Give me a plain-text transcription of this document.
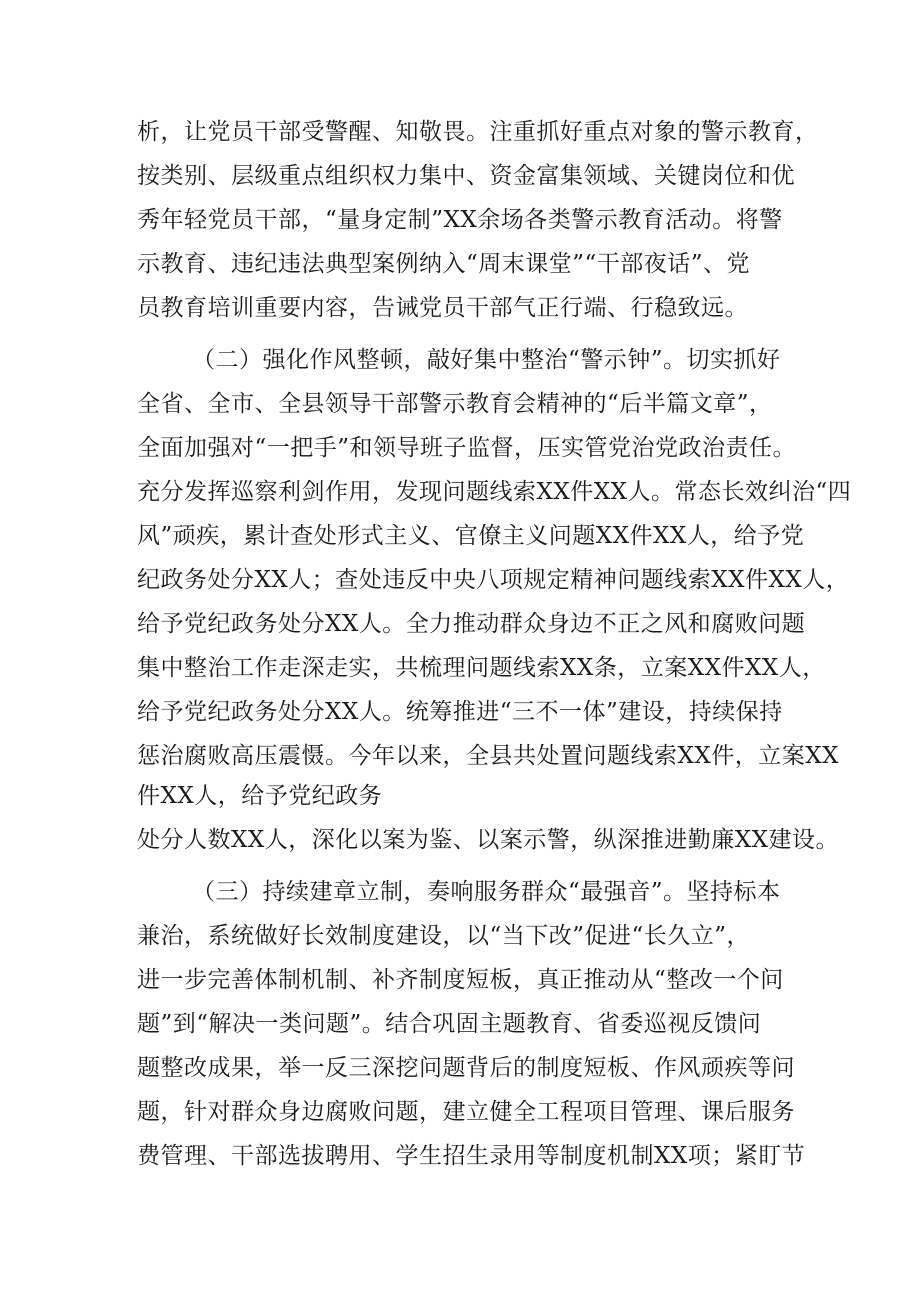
析，让党员干部受警醒、知敬畏。注重抓好重点对象的警示教育，
按类别、层级重点组织权力集中、资金富集领域、关键岗位和优
秀年轻党员干部，“量身定制”XX余场各类警示教育活动。将警
示教育、违纪违法典型案例纳入“周末课堂”“干部夜话”、党
员教育培训重要内容，告诫党员干部气正行端、行稳致远。
（二）强化作风整顿，敲好集中整治“警示钟”。切实抓好
全省、全市、全县领导干部警示教育会精神的“后半篇文章”，
全面加强对“一把手”和领导班子监督，压实管党治党政治责任。
充分发挥巡察利剑作用，发现问题线索XX件XX人。常态长效纠治“四
风”顽疾，累计查处形式主义、官僚主义问题XX件XX人，给予党
纪政务处分XX人；查处违反中央八项规定精神问题线索XX件XX人，
给予党纪政务处分XX人。全力推动群众身边不正之风和腐败问题
集中整治工作走深走实，共梳理问题线索XX条，立案XX件XX人，
给予党纪政务处分XX人。统筹推进“三不一体”建设，持续保持
惩治腐败高压震慑。今年以来，全县共处置问题线索XX件，立案XX
件XX人，给予党纪政务
处分人数XX人，深化以案为鉴、以案示警，纵深推进勤廉XX建设。
（三）持续建章立制，奏响服务群众“最强音”。坚持标本
兼治，系统做好长效制度建设，以“当下改”促进“长久立”，
进一步完善体制机制、补齐制度短板，真正推动从“整改一个问
题”到“解决一类问题”。结合巩固主题教育、省委巡视反馈问
题整改成果，举一反三深挖问题背后的制度短板、作风顽疾等问
题，针对群众身边腐败问题，建立健全工程项目管理、课后服务
费管理、干部选拔聘用、学生招生录用等制度机制XX项；紧盯节
